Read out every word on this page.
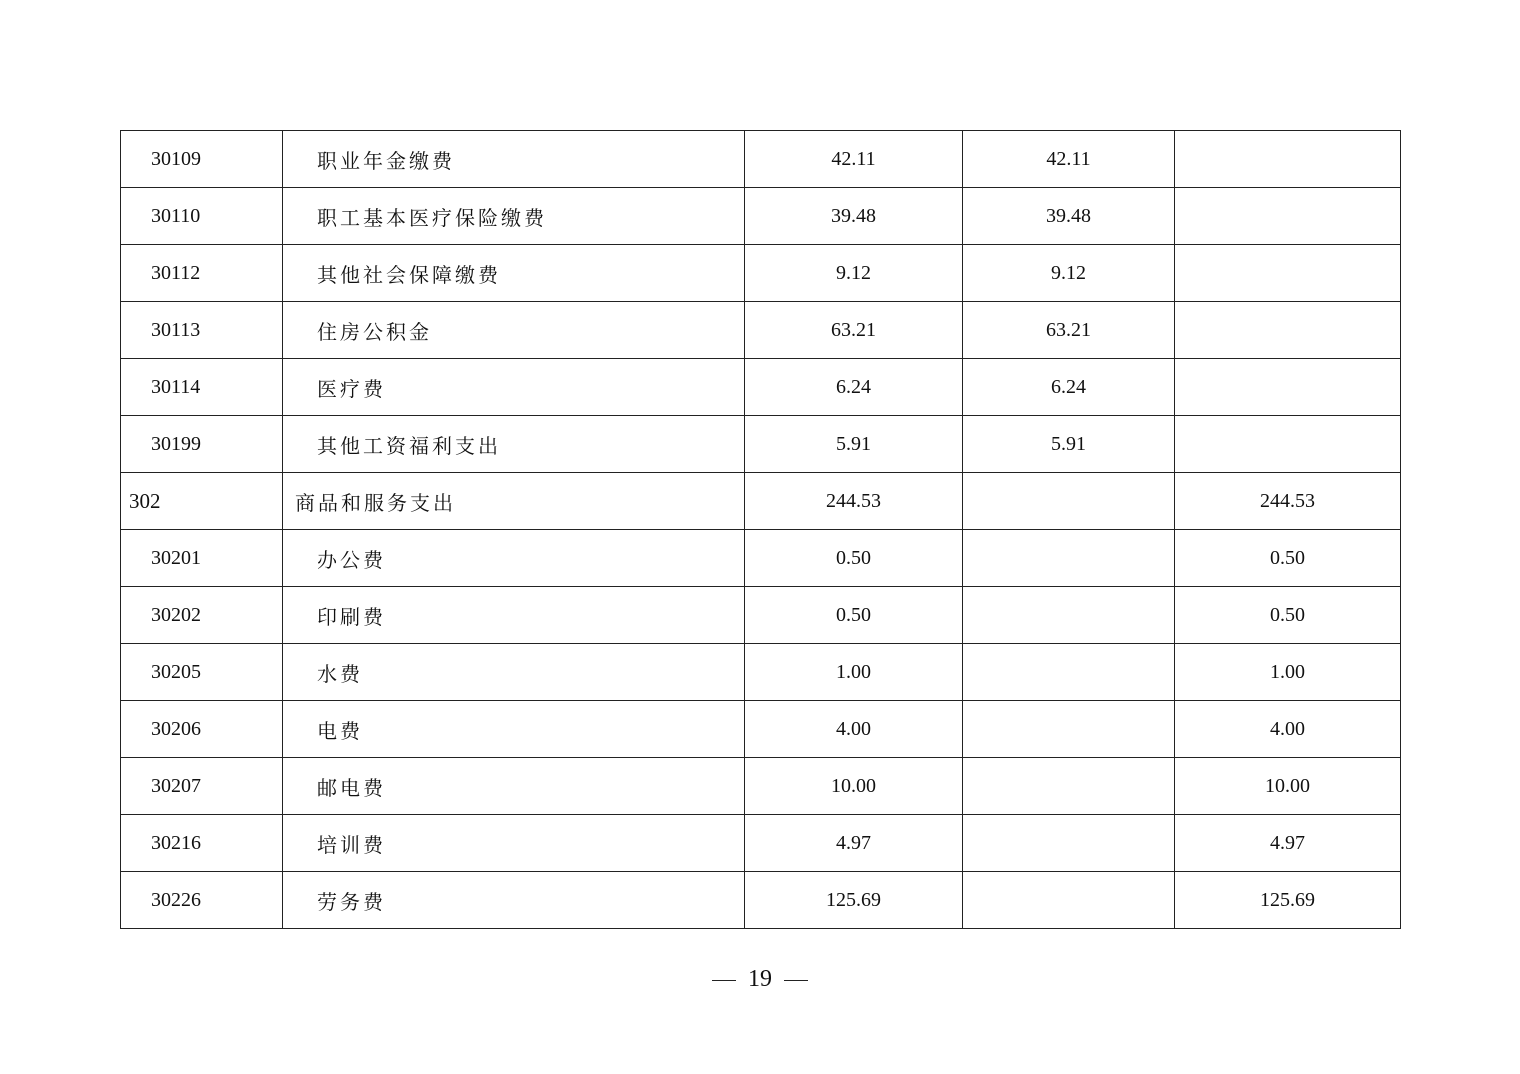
30109	职业年金缴费	42.11	42.11	
30110	职工基本医疗保险缴费	39.48	39.48	
30112	其他社会保障缴费	9.12	9.12	
30113	住房公积金	63.21	63.21	
30114	医疗费	6.24	6.24	
30199	其他工资福利支出	5.91	5.91	
302	商品和服务支出	244.53		244.53
30201	办公费	0.50		0.50
30202	印刷费	0.50		0.50
30205	水费	1.00		1.00
30206	电费	4.00		4.00
30207	邮电费	10.00		10.00
30216	培训费	4.97		4.97
30226	劳务费	125.69		125.69
19
